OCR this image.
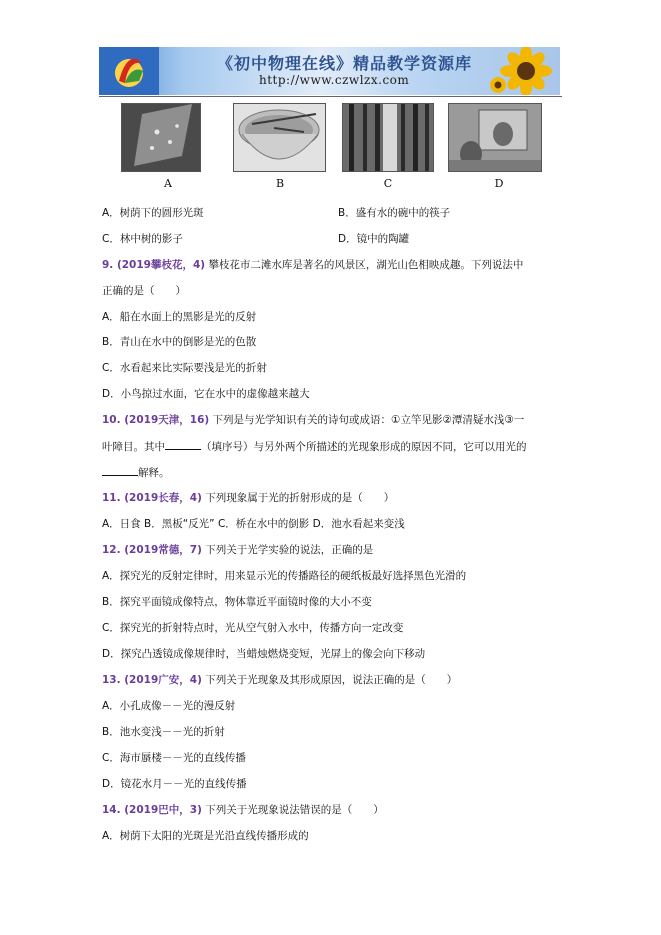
《初中物理在线》精品教学资源库
http://www.czwlzx.com
A	B	C	D
A．树荫下的圆形光斑	B．盛有水的碗中的筷子
C．林中树的影子	D．镜中的陶罐
9. (2019攀枝花，4) 攀枝花市二滩水库是著名的风景区，湖光山色相映成趣。下列说法中
正确的是（　　）
A．船在水面上的黑影是光的反射
B．青山在水中的倒影是光的色散
C．水看起来比实际要浅是光的折射
D．小鸟掠过水面，它在水中的虚像越来越大
10. (2019天津，16) 下列是与光学知识有关的诗句或成语：①立竿见影②潭清疑水浅③一
叶障目。其中	（填序号）与另外两个所描述的光现象形成的原因不同，它可以用光的
解释。
11. (2019长春，4) 下列现象属于光的折射形成的是（　　）
A．日食 B．黑板“反光” C．桥在水中的倒影 D．池水看起来变浅
12. (2019常德，7) 下列关于光学实验的说法，正确的是
A．探究光的反射定律时，用来显示光的传播路径的硬纸板最好选择黑色光滑的
B．探究平面镜成像特点，物体靠近平面镜时像的大小不变
C．探究光的折射特点时，光从空气射入水中，传播方向一定改变
D．探究凸透镜成像规律时，当蜡烛燃烧变短，光屏上的像会向下移动
13. (2019广安，4) 下列关于光现象及其形成原因，说法正确的是（　　）
A．小孔成像－－光的漫反射
B．池水变浅－－光的折射
C．海市蜃楼－－光的直线传播
D．镜花水月－－光的直线传播
14. (2019巴中，3) 下列关于光现象说法错误的是（　　）
A．树荫下太阳的光斑是光沿直线传播形成的
